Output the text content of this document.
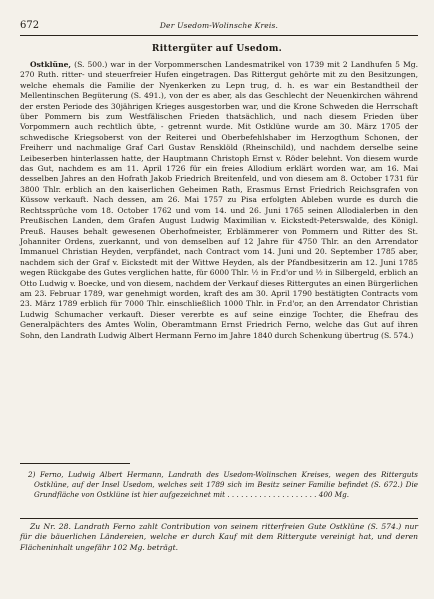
672	Der Usedom-Wolinsche Kreis.
Rittergüter auf Usedom.
Ostklüne, (S. 500.) war in der Vorpommerschen Landesmatrikel von 1739 mit 2 Landhufen 5 Mg. 270 Ruth. ritter- und steuerfreier Hufen eingetragen. Das Rittergut gehörte mit zu den Besitzungen, welche ehemals die Familie der Nyenkerken zu Lepn trug, d. h. es war ein Bestandtheil der Mellentinschen Begüterung (S. 491.), von der es aber, als das Geschlecht der Neuenkirchen während der ersten Periode des 30jährigen Krieges ausgestorben war, und die Krone Schweden die Herrschaft über Pommern bis zum Westfälischen Frieden thatsächlich, und nach diesem Frieden über Vorpommern auch rechtlich übte, - getrennt wurde. Mit Ostklüne wurde am 30. März 1705 der schwedische Kriegsoberst von der Reiterei und Oberbefehlshaber im Herzogthum Schonen, der Freiherr und nachmalige Graf Carl Gustav Rensklöld (Rheinschild), und nachdem derselbe seine Leibeserben hinterlassen hatte, der Hauptmann Christoph Ernst v. Röder belehnt. Von diesem wurde das Gut, nachdem es am 11. April 1726 für ein freies Allodium erklärt worden war, am 16. Mai desselben Jahres an den Hofrath Jakob Friedrich Breitenfeld, und von diesem am 8. October 1731 für 3800 Thlr. erblich an den kaiserlichen Geheimen Rath, Erasmus Ernst Friedrich Reichsgrafen von Küssow verkauft. Nach dessen, am 26. Mai 1757 zu Pisa erfolgten Ableben wurde es durch die Rechtssprüche vom 18. October 1762 und vom 14. und 26. Juni 1765 seinen Allodialerben in den Preußischen Landen, dem Grafen August Ludwig Maximilian v. Eickstedt-Peterswalde, des Königl. Preuß. Hauses behalt gewesenen Oberhofmeister, Erblämmerer von Pommern und Ritter des St. Johanniter Ordens, zuerkannt, und von demselben auf 12 Jahre für 4750 Thlr. an den Arrendator Immanuel Christian Heyden, verpfändet, nach Contract vom 14. Juni und 20. September 1785 aber, nachdem sich der Graf v. Eickstedt mit der Wittwe Heyden, als der Pfandbesitzerin am 12. Juni 1785 wegen Rückgabe des Gutes verglichen hatte, für 6000 Thlr. ½ in Fr.d'or und ½ in Silbergeld, erblich an Otto Ludwig v. Boecke, und von diesem, nachdem der Verkauf dieses Rittergutes an einen Bürgerlichen am 23. Februar 1789, war genehmigt worden, kraft des am 30. April 1790 bestätigten Contracts vom 23. März 1789 erblich für 7000 Thlr. einschließlich 1000 Thlr. in Fr.d'or, an den Arrendator Christian Ludwig Schumacher verkauft. Dieser vererbte es auf seine einzige Tochter, die Ehefrau des Generalpächters des Amtes Wolin, Oberamtmann Ernst Friedrich Ferno, welche das Gut auf ihren Sohn, den Landrath Ludwig Albert Hermann Ferno im Jahre 1840 durch Schenkung übertrug (S. 574.)
2) Ferno, Ludwig Albert Hermann, Landrath des Usedom-Wolinschen Kreises, wegen des Ritterguts Ostklüne, auf der Insel Usedom, welches seit 1789 sich im Besitz seiner Familie befindet (S. 672.) Die Grundfläche von Ostklüne ist hier aufgezeichnet mit . . . . . . . . . . . . . . . . . . . . 400 Mg.
Zu Nr. 28. Landrath Ferno zahlt Contribution von seinem ritterfreien Gute Ostklüne (S. 574.) nur für die bäuerlichen Ländereien, welche er durch Kauf mit dem Rittergute vereinigt hat, und deren Flächeninhalt ungefähr 102 Mg. beträgt.
